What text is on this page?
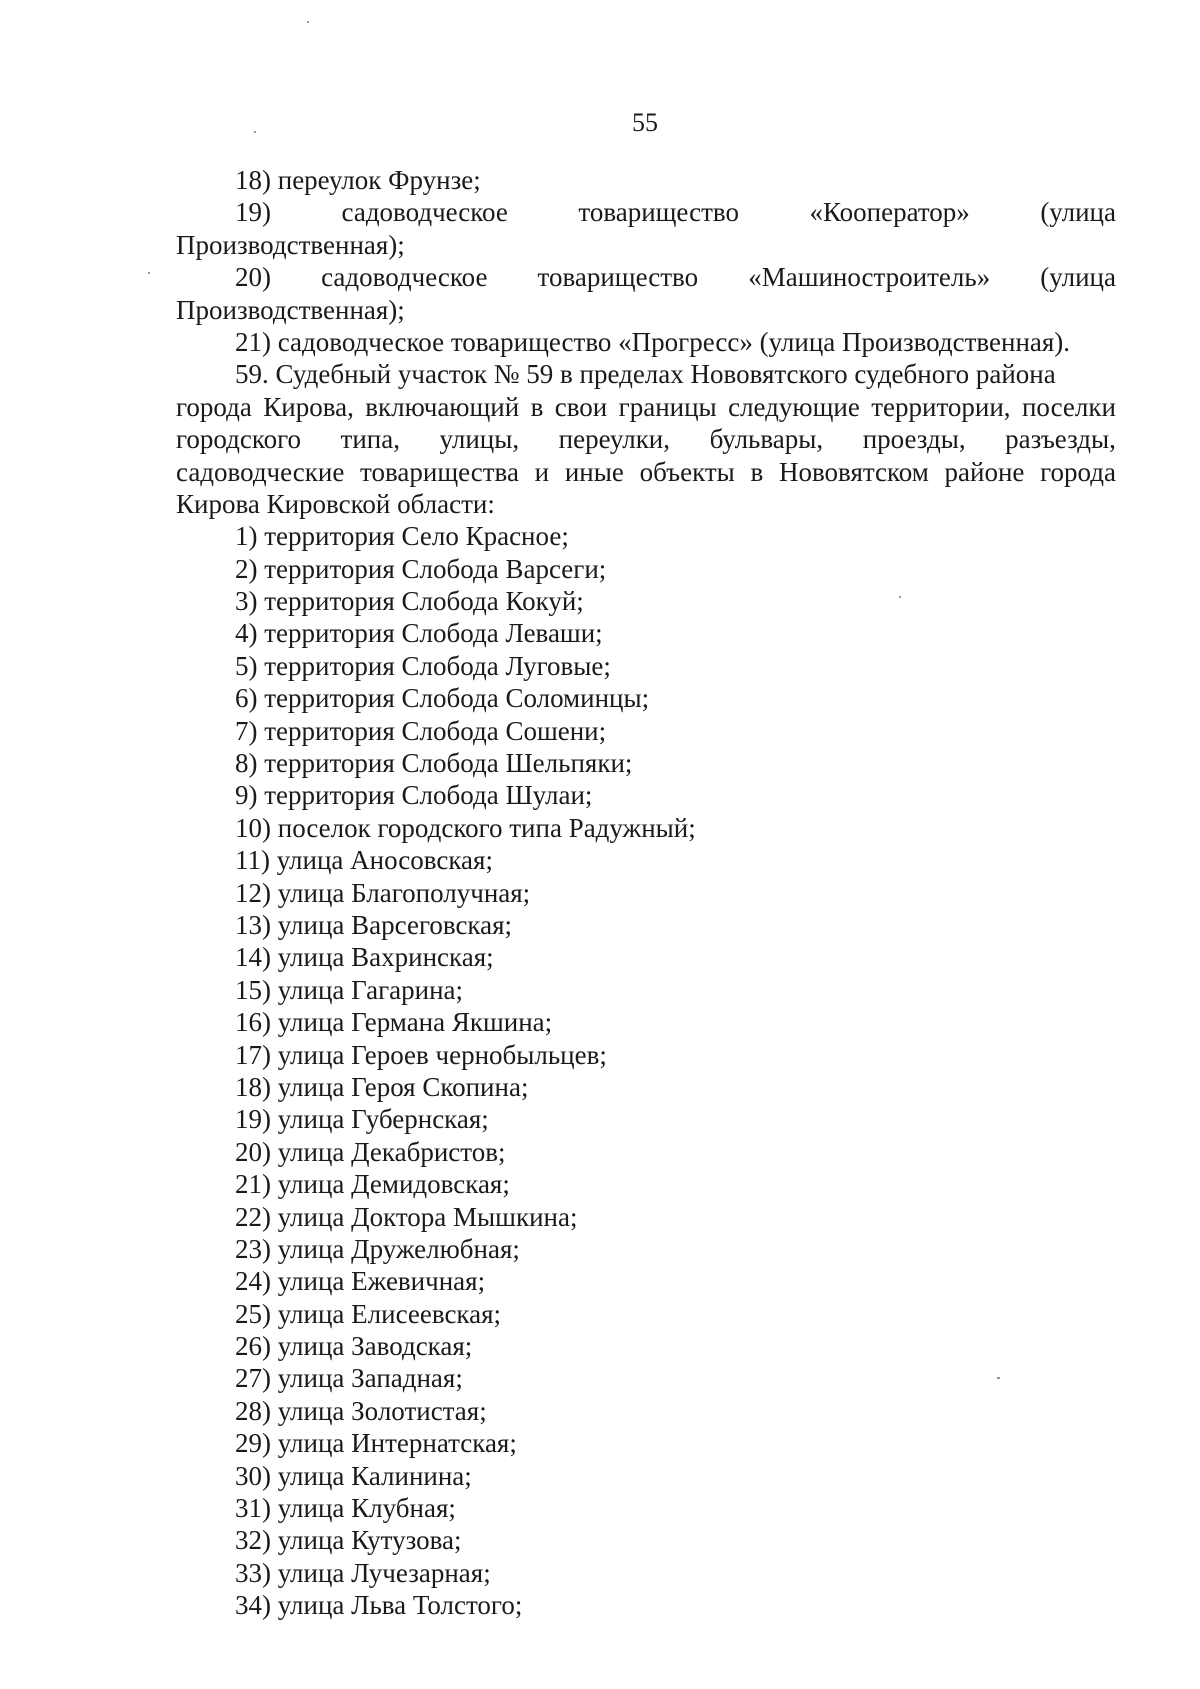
55
18) переулок Фрунзе;
19)	садоводческое	товарищество	«Кооператор»	(улица
Производственная);
20) садоводческое товарищество «Машиностроитель» (улица
Производственная);
21) садоводческое товарищество «Прогресс» (улица Производственная).
59. Судебный участок № 59 в пределах Нововятского судебного района
города Кирова, включающий в свои границы следующие территории, поселки
городского типа, улицы, переулки, бульвары, проезды, разъезды,
садоводческие товарищества и иные объекты в Нововятском районе города
Кирова Кировской области:
1) территория Село Красное;
2) территория Слобода Варсеги;
3) территория Слобода Кокуй;
4) территория Слобода Леваши;
5) территория Слобода Луговые;
6) территория Слобода Соломинцы;
7) территория Слобода Сошени;
8) территория Слобода Шельпяки;
9) территория Слобода Шулаи;
10) поселок городского типа Радужный;
11) улица Аносовская;
12) улица Благополучная;
13) улица Варсеговская;
14) улица Вахринская;
15) улица Гагарина;
16) улица Германа Якшина;
17) улица Героев чернобыльцев;
18) улица Героя Скопина;
19) улица Губернская;
20) улица Декабристов;
21) улица Демидовская;
22) улица Доктора Мышкина;
23) улица Дружелюбная;
24) улица Ежевичная;
25) улица Елисеевская;
26) улица Заводская;
27) улица Западная;
28) улица Золотистая;
29) улица Интернатская;
30) улица Калинина;
31) улица Клубная;
32) улица Кутузова;
33) улица Лучезарная;
34) улица Льва Толстого;
